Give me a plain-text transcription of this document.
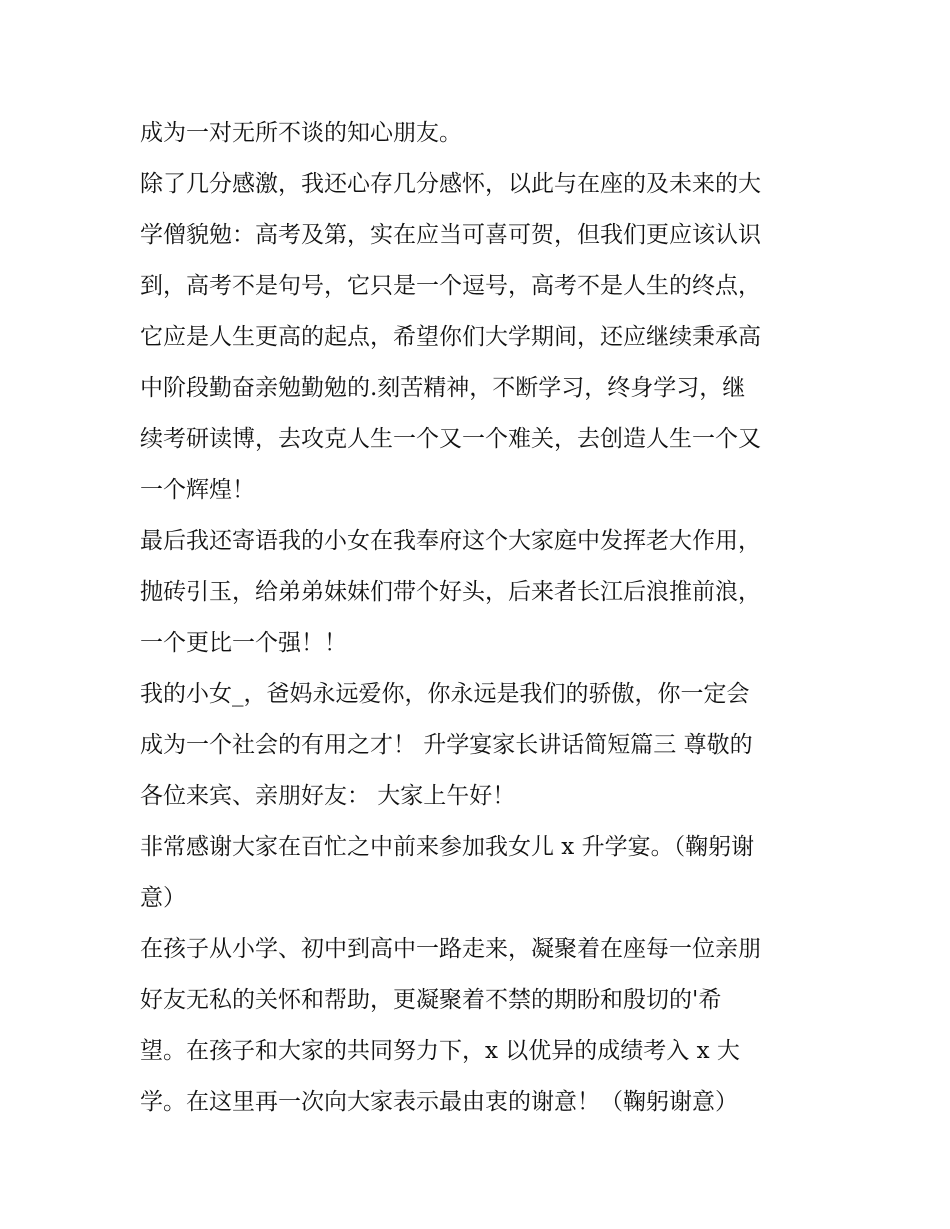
成为一对无所不谈的知心朋友。
除了几分感激，我还心存几分感怀，以此与在座的及未来的大
学僧貌勉：高考及第，实在应当可喜可贺，但我们更应该认识
到，高考不是句号，它只是一个逗号，高考不是人生的终点，
它应是人生更高的起点，希望你们大学期间，还应继续秉承高
中阶段勤奋亲勉勤勉的.刻苦精神，不断学习，终身学习，继
续考研读博，去攻克人生一个又一个难关，去创造人生一个又
一个辉煌！
最后我还寄语我的小女在我奉府这个大家庭中发挥老大作用，
抛砖引玉，给弟弟妹妹们带个好头，后来者长江后浪推前浪，
一个更比一个强！！
我的小女_，爸妈永远爱你，你永远是我们的骄傲，你一定会
成为一个社会的有用之才！ 升学宴家长讲话简短篇三 尊敬的
各位来宾、亲朋好友： 大家上午好！
非常感谢大家在百忙之中前来参加我女儿 x 升学宴。（鞠躬谢
意）
在孩子从小学、初中到高中一路走来，凝聚着在座每一位亲朋
好友无私的关怀和帮助，更凝聚着不禁的期盼和殷切的'希
望。在孩子和大家的共同努力下，x 以优异的成绩考入 x 大
学。在这里再一次向大家表示最由衷的谢意！（鞠躬谢意）
